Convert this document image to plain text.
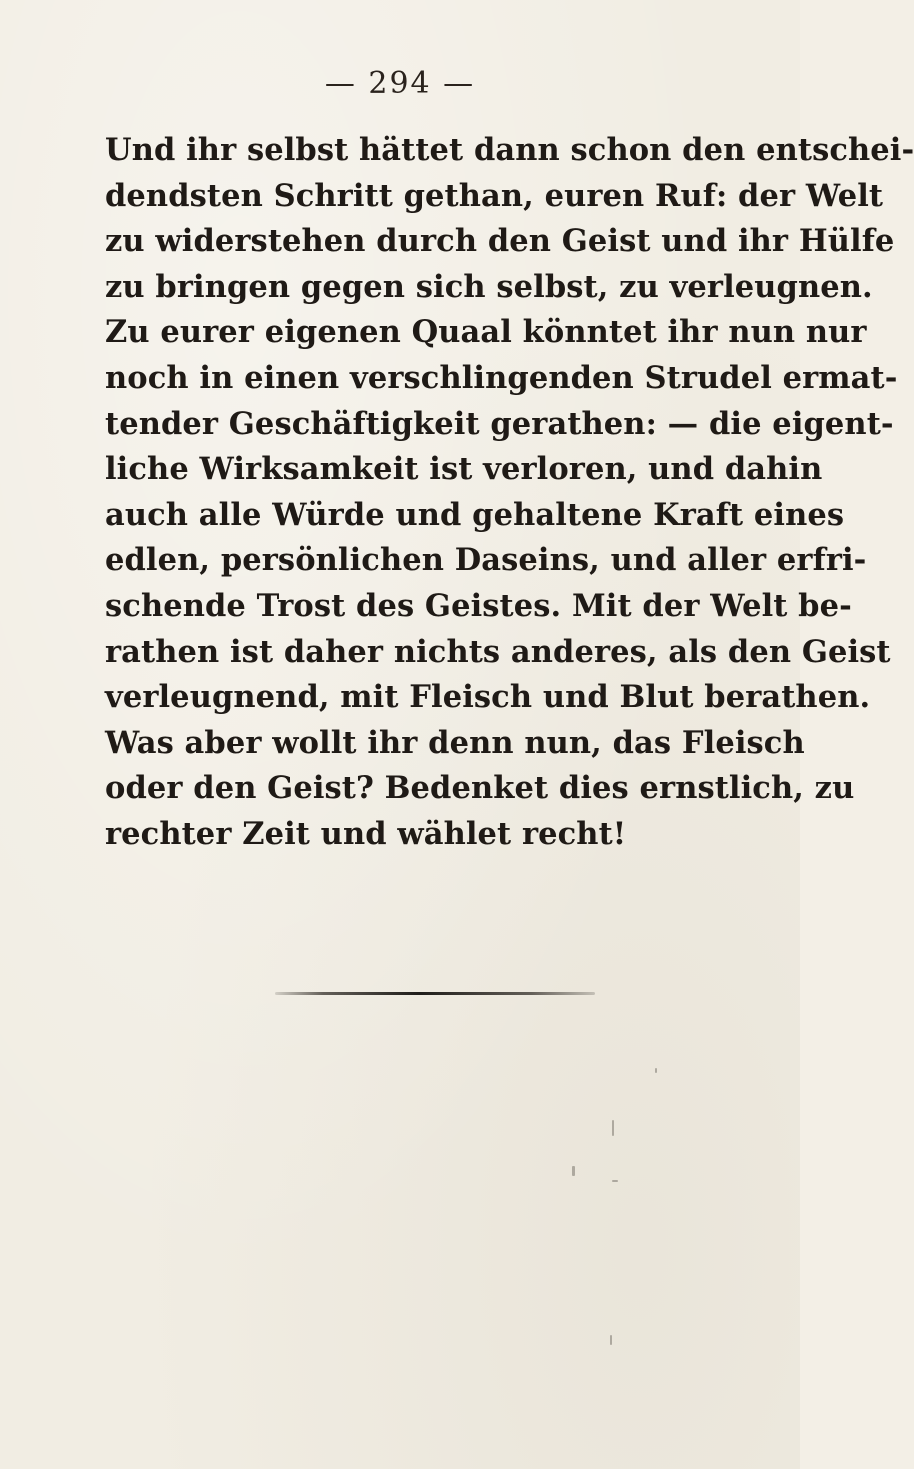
— 294 —
Und ihr selbst hättet dann schon den entschei-
dendsten Schritt gethan, euren Ruf: der Welt
zu widerstehen durch den Geist und ihr Hülfe
zu bringen gegen sich selbst, zu verleugnen.
Zu eurer eigenen Quaal könntet ihr nun nur
noch in einen verschlingenden Strudel ermat-
tender Geschäftigkeit gerathen: — die eigent-
liche Wirksamkeit ist verloren, und dahin
auch alle Würde und gehaltene Kraft eines
edlen, persönlichen Daseins, und aller erfri-
schende Trost des Geistes. Mit der Welt be-
rathen ist daher nichts anderes, als den Geist
verleugnend, mit Fleisch und Blut berathen.
Was aber wollt ihr denn nun, das Fleisch
oder den Geist? Bedenket dies ernstlich, zu
rechter Zeit und wählet recht!
